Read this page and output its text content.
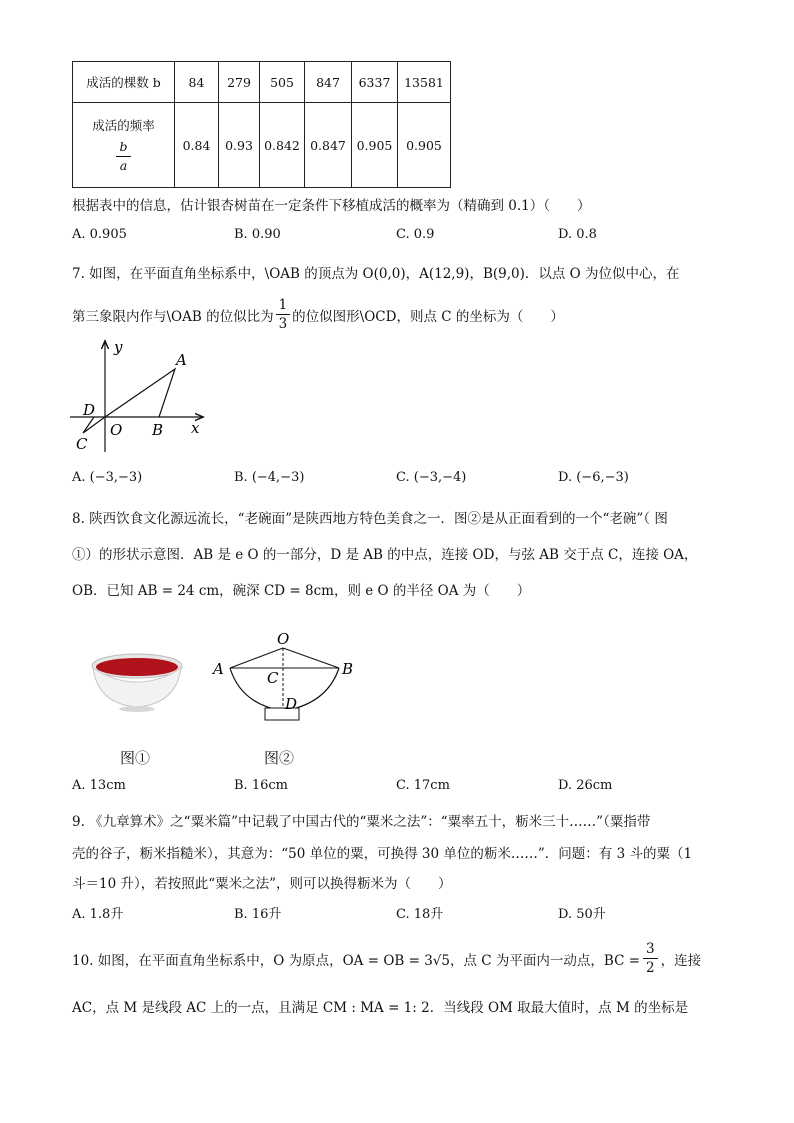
成活的棵数 b	84	279	505	847	6337	13581

成活的频率
$\frac{b}{a}$	0.84	0.93	0.842	0.847	0.905	0.905
根据表中的信息，估计银杏树苗在一定条件下移植成活的概率为（精确到 0.1）（　　）
A. 0.905	B. 0.90	C. 0.9	D. 0.8
7. 如图，在平面直角坐标系中，\OAB 的顶点为 O(0,0)，A(12,9)，B(9,0)．以点 O 为位似中心，在
第三象限内作与\OAB 的位似比为 $\frac{1}{3}$ 的位似图形\OCD，则点 C 的坐标为（　　）
y
x
A
B
O
C
D
A. (−3,−3)	B. (−4,−3)	C. (−3,−4)	D. (−6,−3)
8. 陕西饮食文化源远流长，“老碗面”是陕西地方特色美食之一．图②是从正面看到的一个“老碗”（ 图
①）的形状示意图．AB 是 e O 的一部分，D 是 AB 的中点，连接 OD，与弦 AB 交于点 C，连接 OA，
OB．已知 AB = 24 cm，碗深 CD = 8cm，则 e O 的半径 OA 为（　　）
O
A	B
C
D
图①	图②
A. 13cm	B. 16cm	C. 17cm	D. 26cm
9. 《九章算术》之“粟米篇”中记载了中国古代的“粟米之法”：“粟率五十，粝米三十……”（粟指带
壳的谷子，粝米指糙米），其意为：“50 单位的粟，可换得 30 单位的粝米……”．问题：有 3 斗的粟（1
斗＝10 升），若按照此“粟米之法”，则可以换得粝米为（　　）
A. 1.8升	B. 16升	C. 18升	D. 50升
10. 如图，在平面直角坐标系中，O 为原点，OA = OB = 3√5，点 C 为平面内一动点，BC = $\frac{3}{2}$ ，连接
AC，点 M 是线段 AC 上的一点，且满足 CM : MA = 1: 2．当线段 OM 取最大值时，点 M 的坐标是
